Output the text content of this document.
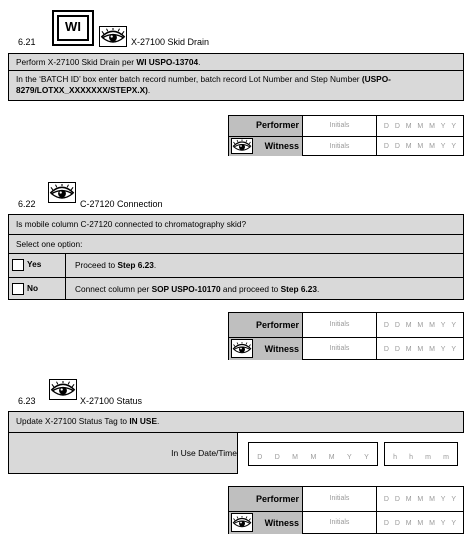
6.21
WI
X-27100 Skid Drain
Perform X-27100 Skid Drain per WI USPO-13704.
In the ‘BATCH ID’ box enter batch record number, batch record Lot Number and Step Number (USPO-8279/LOTXX_XXXXXXX/STEPX.X).
Performer	Initials	D D M M M Y Y
Witness	Initials	D D M M M Y Y
6.22	C-27120 Connection
Is mobile column C-27120 connected to chromatography skid?
Select one option:
Yes	Proceed to Step 6.23.
No	Connect column per SOP USPO-10170 and proceed to Step 6.23.
Performer	Initials	D D M M M Y Y
Witness	Initials	D D M M M Y Y
6.23	X-27100 Status
Update X-27100 Status Tag to IN USE.
In Use Date/Time	D D M M M Y Y	h h m m
Performer	Initials	D D M M M Y Y
Witness	Initials	D D M M M Y Y
